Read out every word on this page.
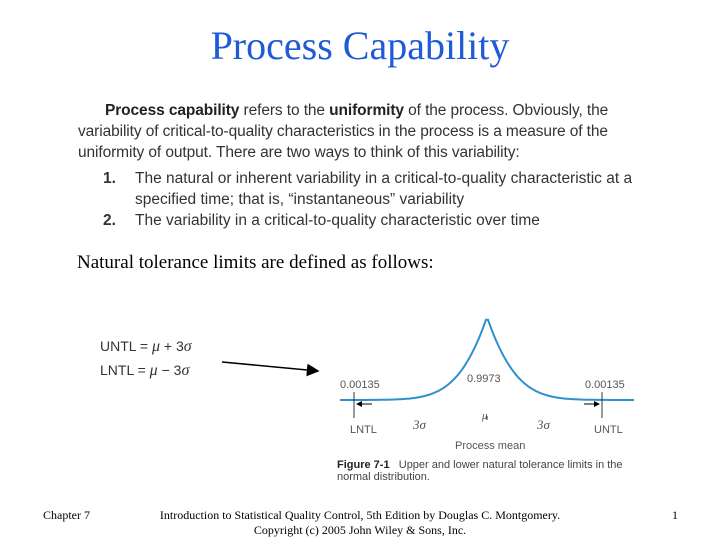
Process Capability
Process capability refers to the uniformity of the process. Obviously, the variability of critical-to-quality characteristics in the process is a measure of the uniformity of output. There are two ways to think of this variability:
1.	The natural or inherent variability in a critical-to-quality characteristic at a specified time; that is, “instantaneous” variability
2.	The variability in a critical-to-quality characteristic over time
Natural tolerance limits are defined as follows:
UNTL = μ + 3σ
LNTL = μ − 3σ
0.00135	0.00135
0.9973
μ
3σ	3σ
LNTL	UNTL
Process mean
Figure 7-1 Upper and lower natural tolerance limits in the normal distribution.
Chapter 7	Introduction to Statistical Quality Control, 5th Edition by Douglas C. Montgomery.
Copyright (c) 2005 John Wiley & Sons, Inc.
1
